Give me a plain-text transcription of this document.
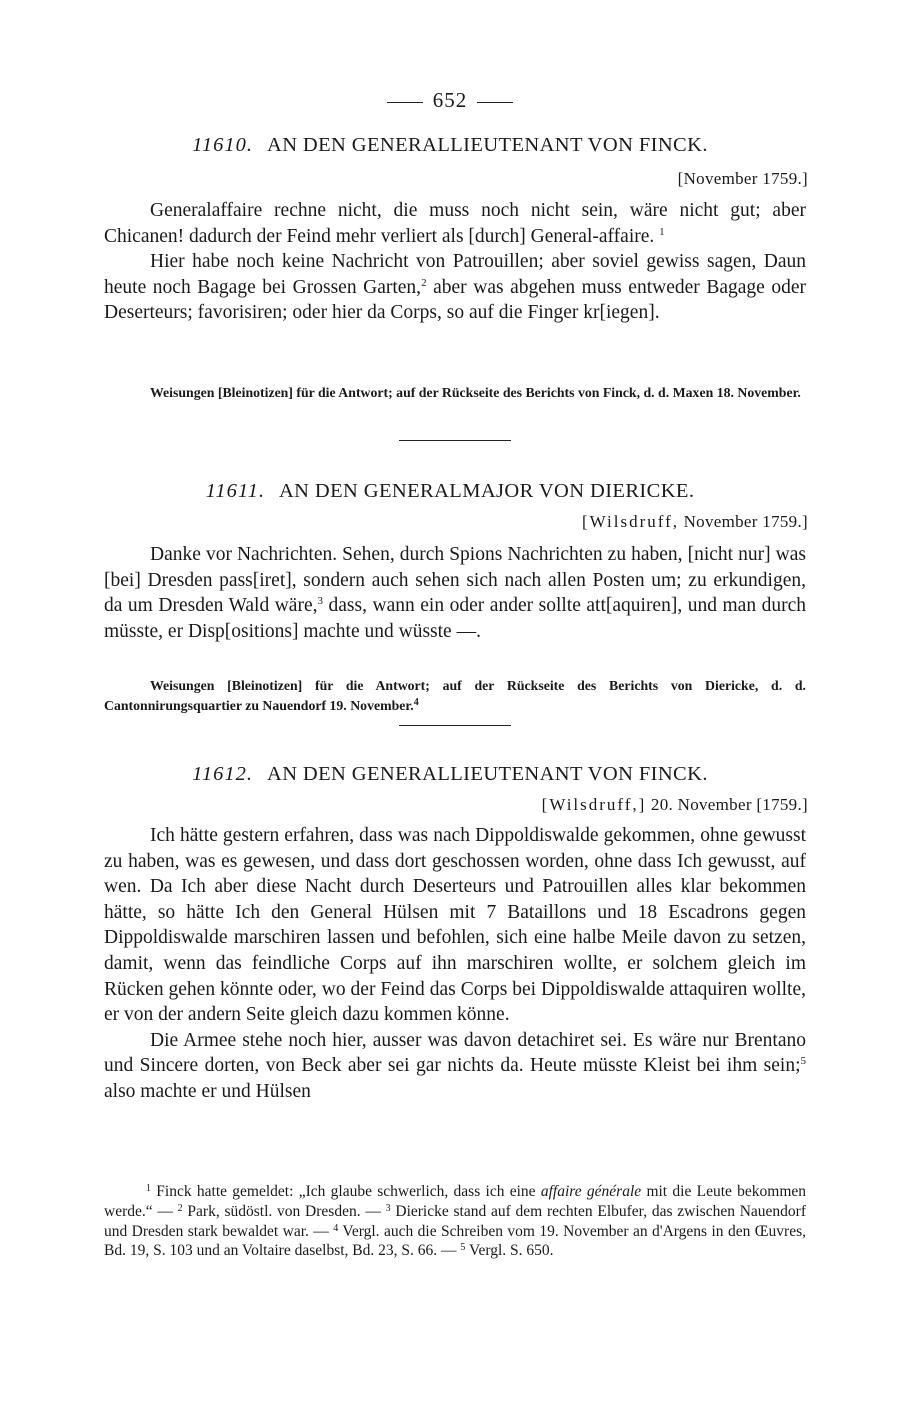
652
11610. AN DEN GENERALLIEUTENANT VON FINCK.
[November 1759.]

Generalaffaire rechne nicht, die muss noch nicht sein, wäre nicht gut; aber Chicanen! dadurch der Feind mehr verliert als [durch] General-affaire. $^1$

Hier habe noch keine Nachricht von Patrouillen; aber soviel gewiss sagen, Daun heute noch Bagage bei Grossen Garten,$^2$ aber was abgehen muss entweder Bagage oder Deserteurs; favorisiren; oder hier da Corps, so auf die Finger kr[iegen].

Weisungen [Bleinotizen] für die Antwort; auf der Rückseite des Berichts von Finck, d. d. Maxen 18. November.

11611. AN DEN GENERALMAJOR VON DIERICKE.
[Wilsdruff, November 1759.]

Danke vor Nachrichten. Sehen, durch Spions Nachrichten zu haben, [nicht nur] was [bei] Dresden pass[iret], sondern auch sehen sich nach allen Posten um; zu erkundigen, da um Dresden Wald wäre,$^3$ dass, wann ein oder ander sollte att[aquiren], und man durch müsste, er Disp[ositions] machte und wüsste —.

Weisungen [Bleinotizen] für die Antwort; auf der Rückseite des Berichts von Diericke, d. d. Cantonnirungsquartier zu Nauendorf 19. November.$^4$

11612. AN DEN GENERALLIEUTENANT VON FINCK.
[Wilsdruff,] 20. November [1759.]

Ich hätte gestern erfahren, dass was nach Dippoldiswalde gekommen, ohne gewusst zu haben, was es gewesen, und dass dort geschossen worden, ohne dass Ich gewusst, auf wen. Da Ich aber diese Nacht durch Deserteurs und Patrouillen alles klar bekommen hätte, so hätte Ich den General Hülsen mit 7 Bataillons und 18 Escadrons gegen Dippoldiswalde marschiren lassen und befohlen, sich eine halbe Meile davon zu setzen, damit, wenn das feindliche Corps auf ihn marschiren wollte, er solchem gleich im Rücken gehen könnte oder, wo der Feind das Corps bei Dippoldiswalde attaquiren wollte, er von der andern Seite gleich dazu kommen könne.

Die Armee stehe noch hier, ausser was davon detachiret sei. Es wäre nur Brentano und Sincere dorten, von Beck aber sei gar nichts da. Heute müsste Kleist bei ihm sein;$^5$ also machte er und Hülsen

$^1$ Finck hatte gemeldet: „Ich glaube schwerlich, dass ich eine affaire générale mit die Leute bekommen werde.“ — $^2$ Park, südöstl. von Dresden. — $^3$ Diericke stand auf dem rechten Elbufer, das zwischen Nauendorf und Dresden stark bewaldet war. — $^4$ Vergl. auch die Schreiben vom 19. November an d'Argens in den Œuvres, Bd. 19, S. 103 und an Voltaire daselbst, Bd. 23, S. 66. — $^5$ Vergl. S. 650.
